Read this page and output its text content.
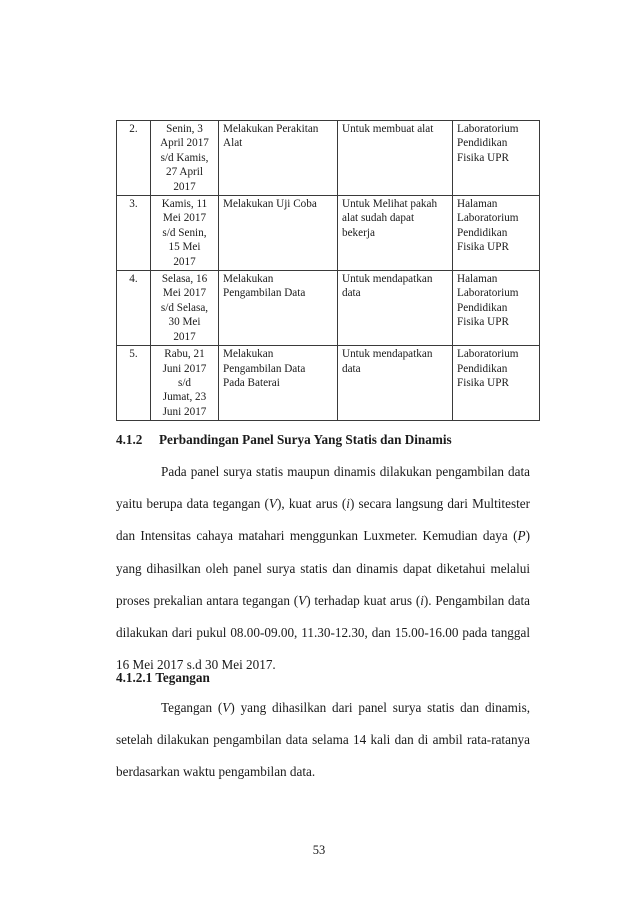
2.	Senin, 3
April 2017
s/d Kamis,
27 April
2017	Melakukan Perakitan
Alat	Untuk membuat alat	Laboratorium
Pendidikan
Fisika UPR
3.	Kamis, 11
Mei 2017
s/d Senin,
15 Mei
2017	Melakukan Uji Coba	Untuk Melihat pakah
alat sudah dapat
bekerja	Halaman
Laboratorium
Pendidikan
Fisika UPR
4.	Selasa, 16
Mei 2017
s/d Selasa,
30 Mei
2017	Melakukan
Pengambilan Data	Untuk mendapatkan
data	Halaman
Laboratorium
Pendidikan
Fisika UPR
5.	Rabu, 21
Juni 2017
s/d
Jumat, 23
Juni 2017	Melakukan
Pengambilan Data
Pada Baterai	Untuk mendapatkan
data	Laboratorium
Pendidikan
Fisika UPR
4.1.2 Perbandingan Panel Surya Yang Statis dan Dinamis

Pada panel surya statis maupun dinamis dilakukan pengambilan data yaitu berupa data tegangan (V), kuat arus (i) secara langsung dari Multitester dan Intensitas cahaya matahari menggunkan Luxmeter. Kemudian daya (P) yang dihasilkan oleh panel surya statis dan dinamis dapat diketahui melalui proses prekalian antara tegangan (V) terhadap kuat arus (i). Pengambilan data dilakukan dari pukul 08.00-09.00, 11.30-12.30, dan 15.00-16.00 pada tanggal 16 Mei 2017 s.d 30 Mei 2017.

4.1.2.1 Tegangan

Tegangan (V) yang dihasilkan dari panel surya statis dan dinamis, setelah dilakukan pengambilan data selama 14 kali dan di ambil rata-ratanya berdasarkan waktu pengambilan data.

53
